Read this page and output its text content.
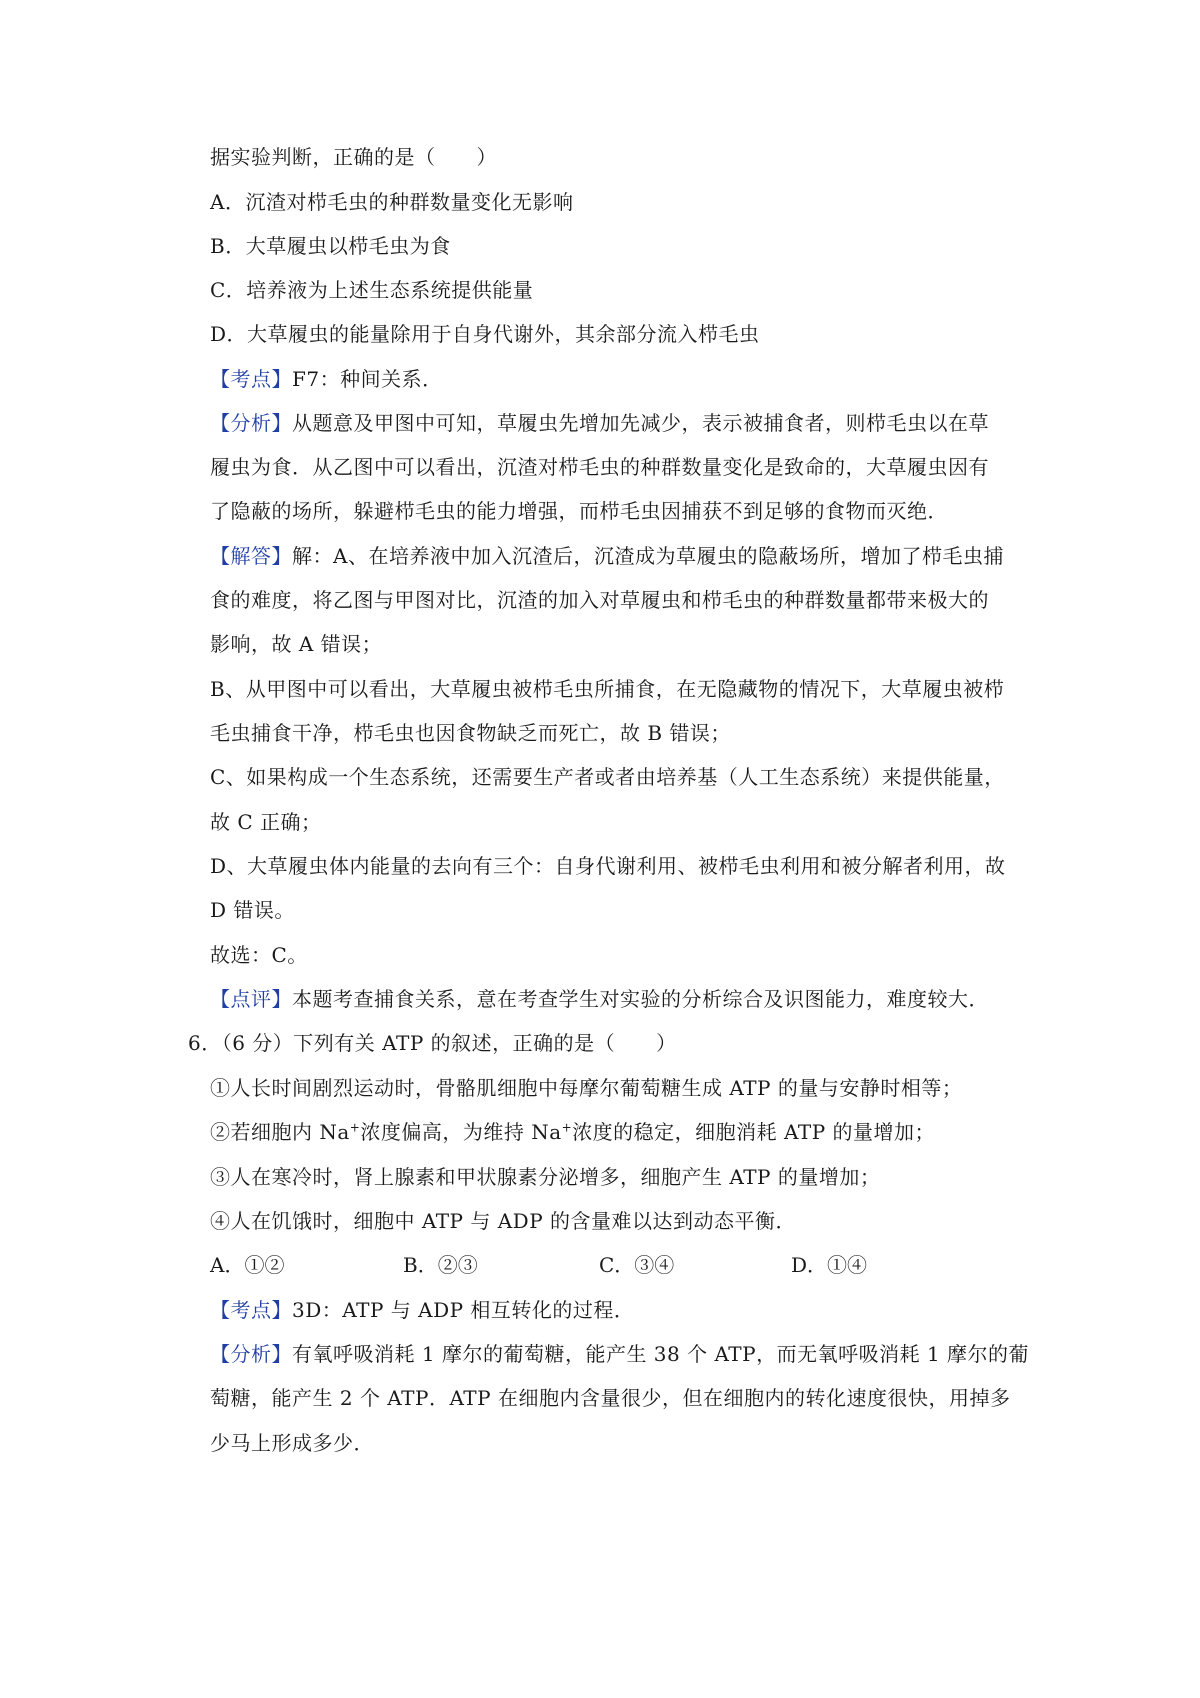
据实验判断，正确的是（　　）
A．沉渣对栉毛虫的种群数量变化无影响
B．大草履虫以栉毛虫为食
C．培养液为上述生态系统提供能量
D．大草履虫的能量除用于自身代谢外，其余部分流入栉毛虫
【考点】F7：种间关系．
【分析】从题意及甲图中可知，草履虫先增加先减少，表示被捕食者，则栉毛虫以在草
履虫为食．从乙图中可以看出，沉渣对栉毛虫的种群数量变化是致命的，大草履虫因有
了隐蔽的场所，躲避栉毛虫的能力增强，而栉毛虫因捕获不到足够的食物而灭绝．
【解答】解：A、在培养液中加入沉渣后，沉渣成为草履虫的隐蔽场所，增加了栉毛虫捕
食的难度，将乙图与甲图对比，沉渣的加入对草履虫和栉毛虫的种群数量都带来极大的
影响，故 A 错误；
B、从甲图中可以看出，大草履虫被栉毛虫所捕食，在无隐藏物的情况下，大草履虫被栉
毛虫捕食干净，栉毛虫也因食物缺乏而死亡，故 B 错误；
C、如果构成一个生态系统，还需要生产者或者由培养基（人工生态系统）来提供能量，
故 C 正确；
D、大草履虫体内能量的去向有三个：自身代谢利用、被栉毛虫利用和被分解者利用，故
D 错误。
故选：C。
【点评】本题考查捕食关系，意在考查学生对实验的分析综合及识图能力，难度较大．
6．（6 分）下列有关 ATP 的叙述，正确的是（　　）
①人长时间剧烈运动时，骨骼肌细胞中每摩尔葡萄糖生成 ATP 的量与安静时相等；
②若细胞内 Na+浓度偏高，为维持 Na+浓度的稳定，细胞消耗 ATP 的量增加；
③人在寒冷时，肾上腺素和甲状腺素分泌增多，细胞产生 ATP 的量增加；
④人在饥饿时，细胞中 ATP 与 ADP 的含量难以达到动态平衡．
A．①②	B．②③	C．③④	D．①④
【考点】3D：ATP 与 ADP 相互转化的过程．
【分析】有氧呼吸消耗 1 摩尔的葡萄糖，能产生 38 个 ATP，而无氧呼吸消耗 1 摩尔的葡
萄糖，能产生 2 个 ATP．ATP 在细胞内含量很少，但在细胞内的转化速度很快，用掉多
少马上形成多少．
